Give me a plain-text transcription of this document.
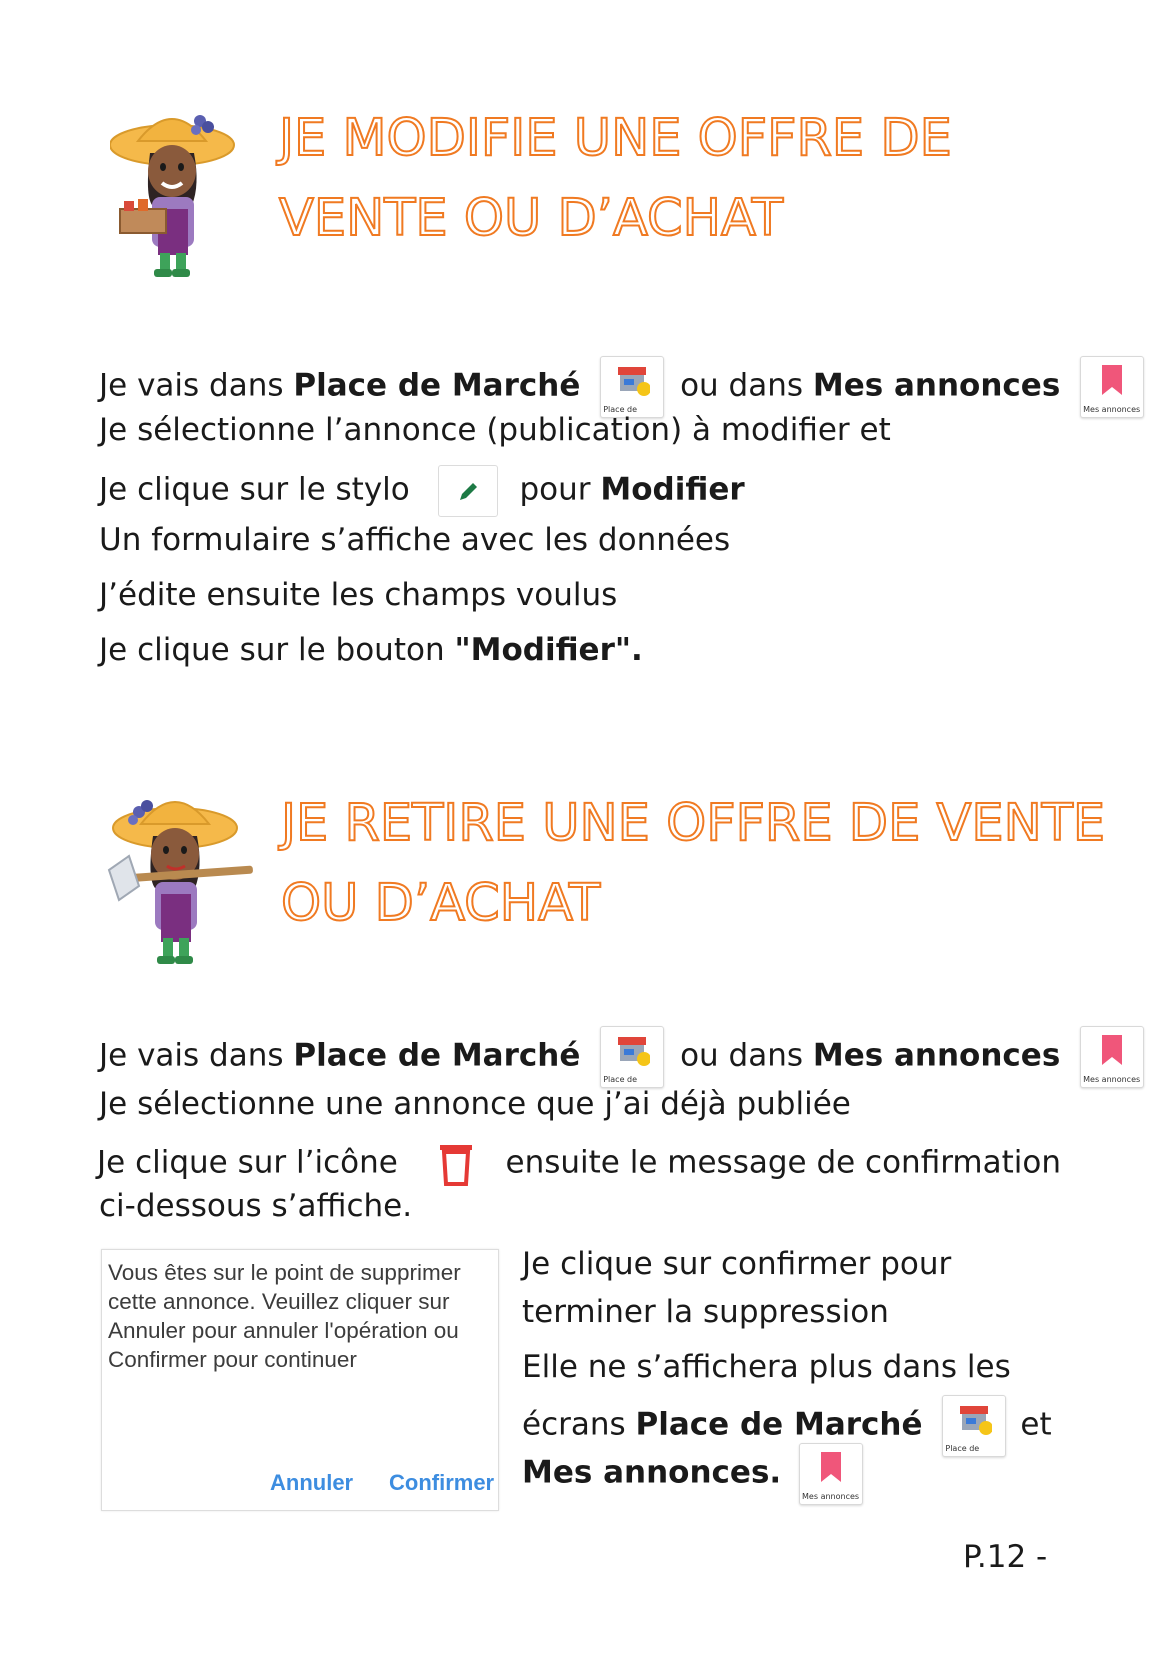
JE MODIFIE UNE OFFRE DE
VENTE OU D’ACHAT
Je vais dans Place de Marché
Place de
ou dans Mes annonces
Mes annonces
Je sélectionne l’annonce (publication) à modifier et
Je clique sur le stylo	pour Modifier
Un formulaire s’affiche avec les données
J’édite ensuite les champs voulus
Je clique sur le bouton "Modifier".
JE RETIRE UNE OFFRE DE VENTE
OU D’ACHAT
Je vais dans Place de Marché
Place de
ou dans Mes annonces
Mes annonces
Je sélectionne une annonce que j’ai déjà publiée
Je clique sur l’icône	ensuite le message de confirmation
ci-dessous s’affiche.
Vous êtes sur le point de supprimer cette annonce. Veuillez cliquer sur Annuler pour annuler l'opération ou Confirmer pour continuer
Annuler Confirmer
Je clique sur confirmer pour
terminer la suppression
Elle ne s’affichera plus dans les
écrans Place de Marché
Place de
et
Mes annonces.
Mes annonces
P.12 -
